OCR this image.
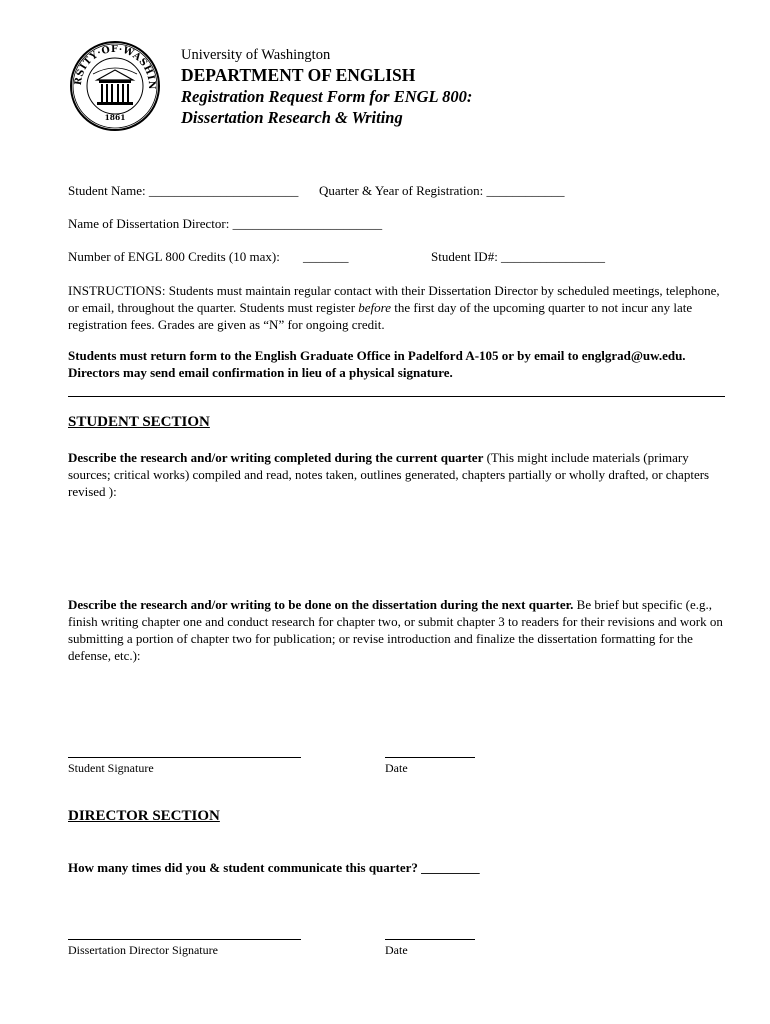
RSITY·OF·WASHIN
1861
University of Washington
DEPARTMENT OF ENGLISH
Registration Request Form for ENGL 800:
Dissertation Research & Writing
Student Name: _______________________ Quarter & Year of Registration: ____________
Name of Dissertation Director: _______________________
Number of ENGL 800 Credits (10 max): _______	Student ID#: ________________
INSTRUCTIONS: Students must maintain regular contact with their Dissertation Director by scheduled meetings, telephone, or email, throughout the quarter. Students must register before the first day of the upcoming quarter to not incur any late registration fees. Grades are given as “N” for ongoing credit.
Students must return form to the English Graduate Office in Padelford A-105 or by email to englgrad@uw.edu. Directors may send email confirmation in lieu of a physical signature.
STUDENT SECTION
Describe the research and/or writing completed during the current quarter (This might include materials (primary sources; critical works) compiled and read, notes taken, outlines generated, chapters partially or wholly drafted, or chapters revised ):
Describe the research and/or writing to be done on the dissertation during the next quarter. Be brief but specific (e.g., finish writing chapter one and conduct research for chapter two, or submit chapter 3 to readers for their revisions and work on submitting a portion of chapter two for publication; or revise introduction and finalize the dissertation formatting for the defense, etc.):
Student Signature	Date
DIRECTOR SECTION
How many times did you & student communicate this quarter? _________
Dissertation Director Signature	Date
